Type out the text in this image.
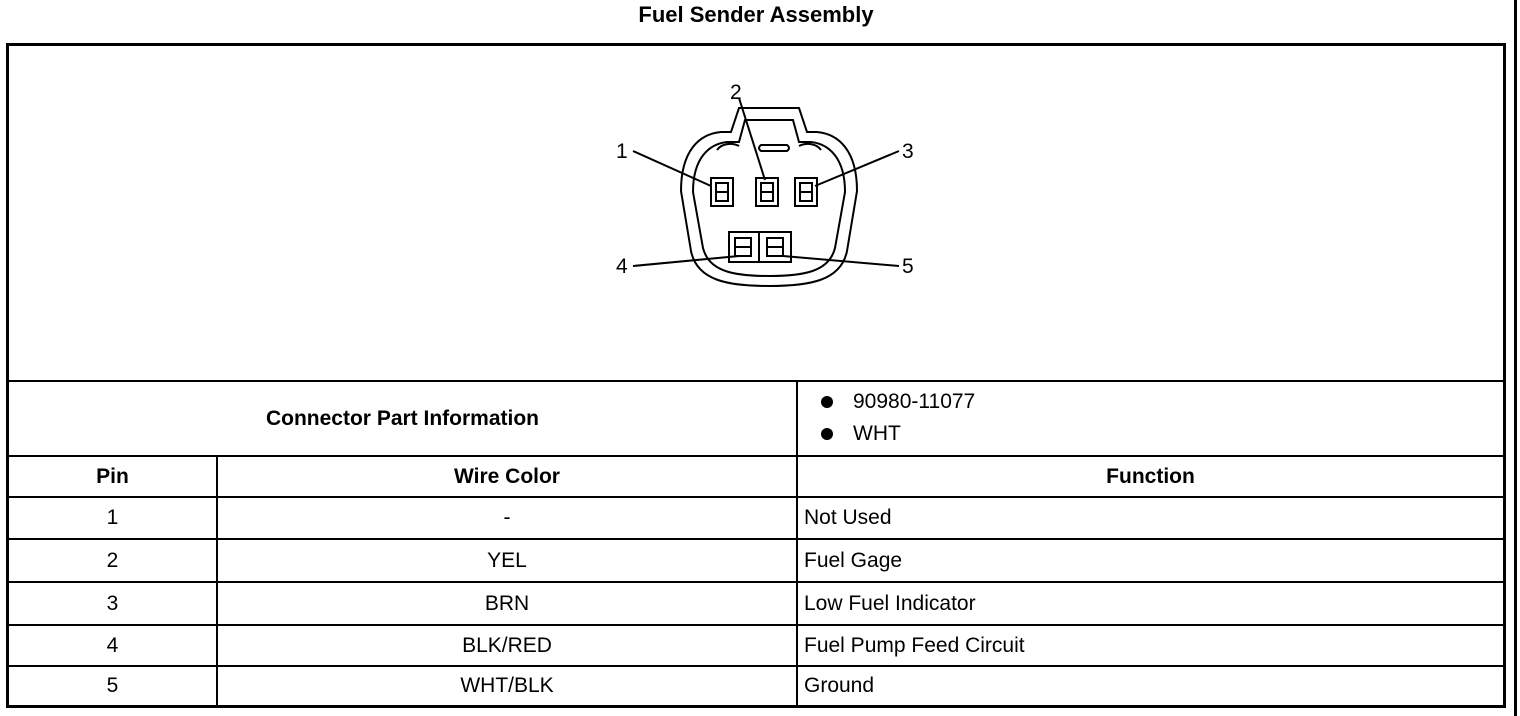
Fuel Sender Assembly
1
2
3
4	5
Connector Part Information
90980-11077
WHT
Pin	Wire Color	Function
1	-	Not Used
2	YEL	Fuel Gage
3	BRN	Low Fuel Indicator
4	BLK/RED	Fuel Pump Feed Circuit
5	WHT/BLK	Ground
